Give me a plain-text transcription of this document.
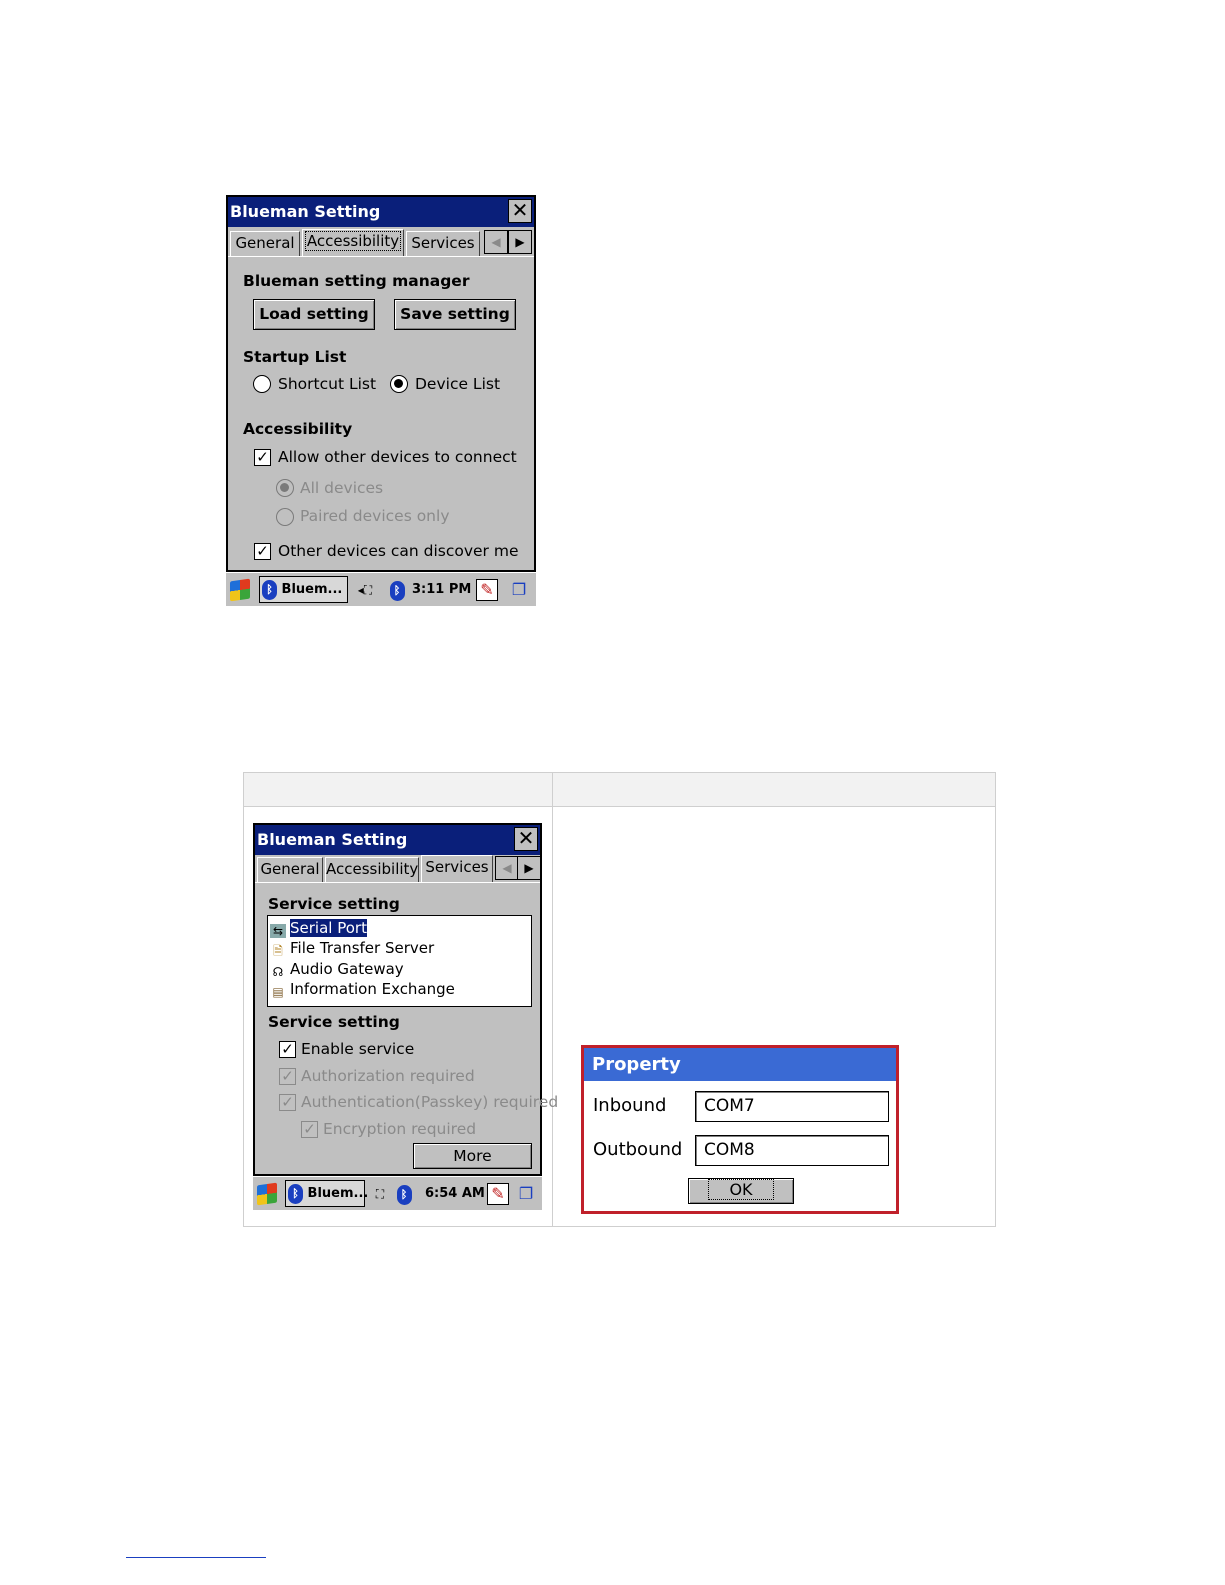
Blueman Setting	✕
General Accessibility Services	◀	▶
Blueman setting manager
Load setting	Save setting
Startup List
Shortcut List	Device List
Accessibility
✓ Allow other devices to connect
All devices
Paired devices only
✓ Other devices can discover me
ᛒ Bluem...	◂⛶	ᛒ 3:11 PM ✎ ❐
Blueman Setting	✕
General Accessibility Services	◀	▶
Service setting
⇆ Serial Port
🗎 File Transfer Server
☊ Audio Gateway
▤ Information Exchange
Service setting
✓ Enable service
✓ Authorization required
✓ Authentication(Passkey) required
✓ Encryption required
More
ᛒ Bluem... ⛶	ᛒ	6:54 AM ✎ ❐
Property
Inbound	COM7
Outbound	COM8
OK
